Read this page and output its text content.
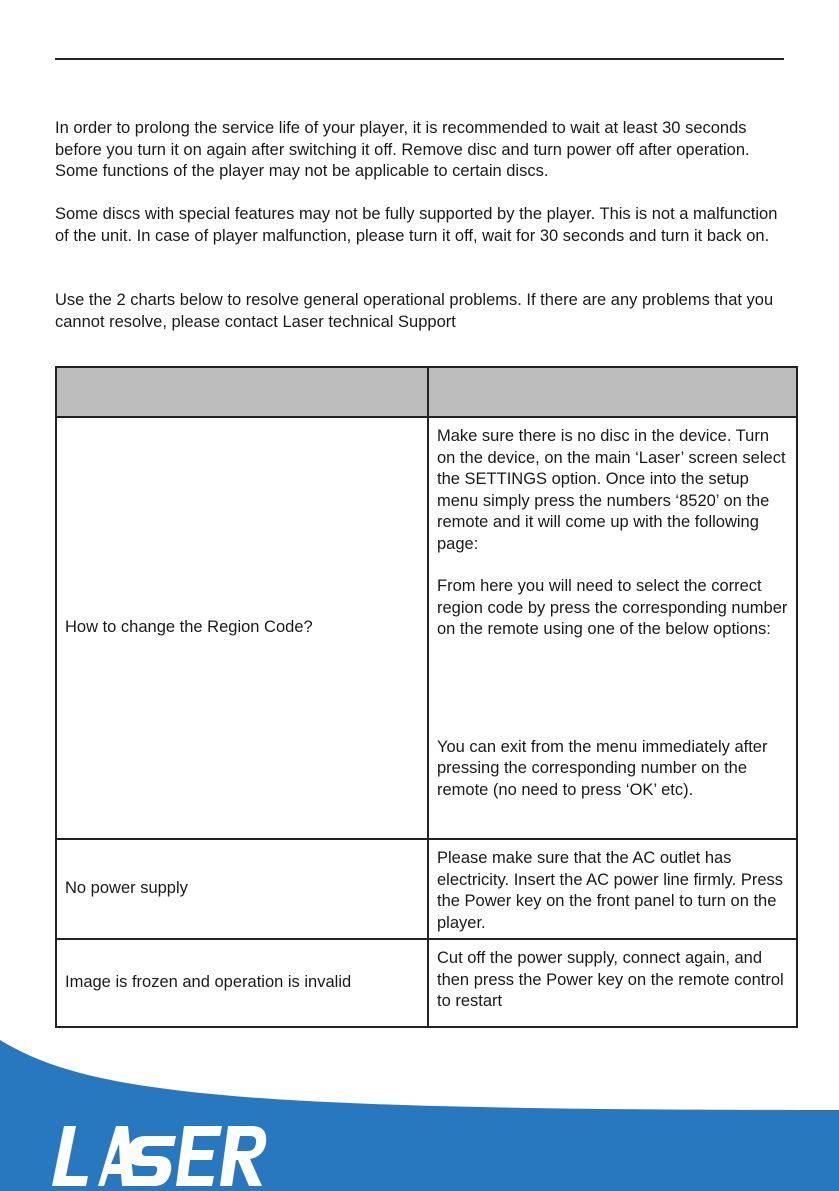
In order to prolong the service life of your player, it is recommended to wait at least 30 seconds before you turn it on again after switching it off. Remove disc and turn power off after operation. Some functions of the player may not be applicable to certain discs.

Some discs with special features may not be fully supported by the player. This is not a malfunction of the unit. In case of player malfunction, please turn it off, wait for 30 seconds and turn it back on.

Use the 2 charts below to resolve general operational problems. If there are any problems that you cannot resolve, please contact Laser technical Support

How to change the Region Code?	Make sure there is no disc in the device. Turn on the device, on the main ‘Laser’ screen select the SETTINGS option. Once into the setup menu simply press the numbers ‘8520’ on the remote and it will come up with the following page:
From here you will need to select the correct region code by press the corresponding number on the remote using one of the below options:
You can exit from the menu immediately after pressing the corresponding number on the remote (no need to press ‘OK’ etc).

No power supply	Please make sure that the AC outlet has electricity. Insert the AC power line firmly. Press the Power key on the front panel to turn on the player.
Image is frozen and operation is invalid	Cut off the power supply, connect again, and then press the Power key on the remote control to restart
